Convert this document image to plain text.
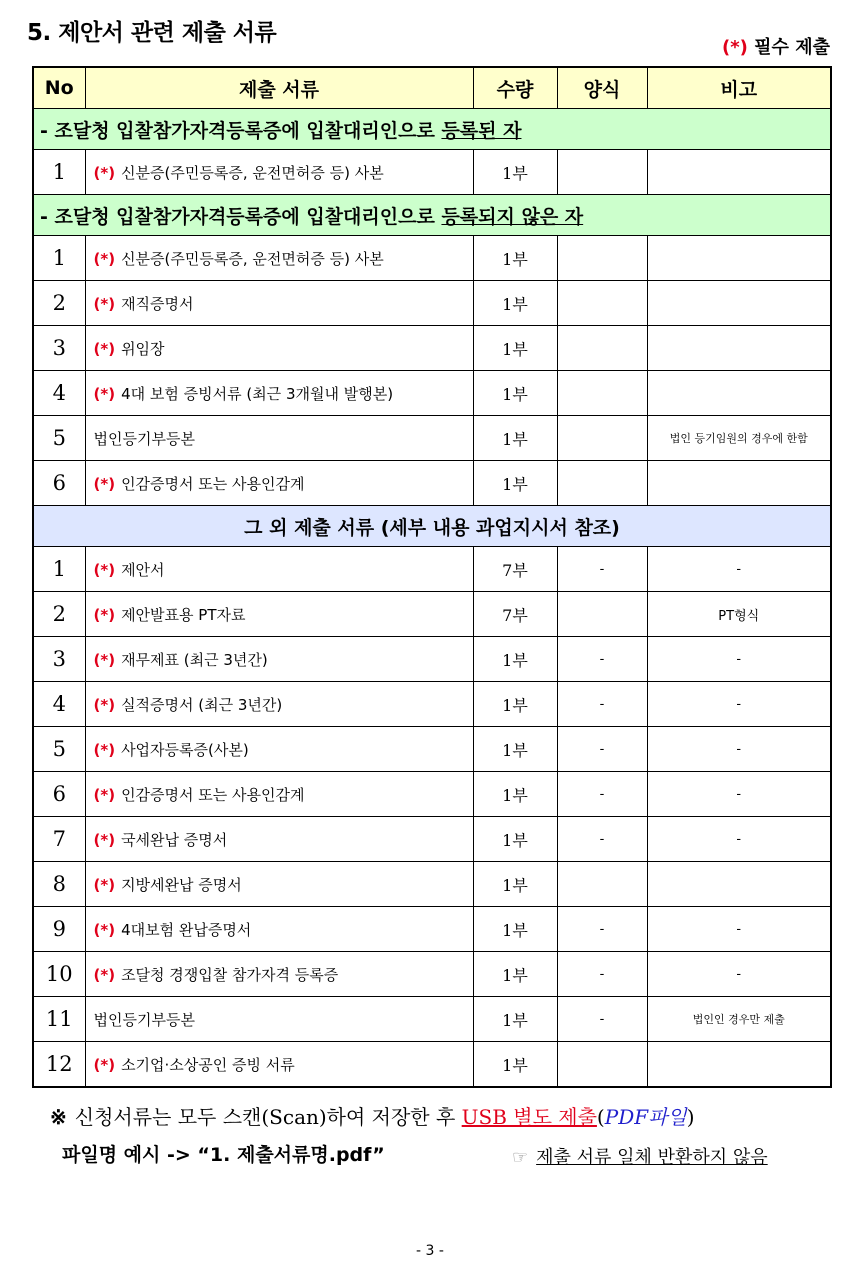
5. 제안서 관련 제출 서류
(*) 필수 제출
No	제출 서류	수량	양식	비고
- 조달청 입찰참가자격등록증에 입찰대리인으로 등록된 자				
1	(*) 신분증(주민등록증, 운전면허증 등) 사본	1부		
- 조달청 입찰참가자격등록증에 입찰대리인으로 등록되지 않은 자				
1	(*) 신분증(주민등록증, 운전면허증 등) 사본	1부		
2	(*) 재직증명서	1부		
3	(*) 위임장	1부		
4	(*) 4대 보험 증빙서류 (최근 3개월내 발행본)	1부		
5	법인등기부등본	1부		법인 등기임원의 경우에 한함
6	(*) 인감증명서 또는 사용인감계	1부		
그 외 제출 서류 (세부 내용 과업지시서 참조)				
1	(*) 제안서	7부	-	-
2	(*) 제안발표용 PT자료	7부		PT형식
3	(*) 재무제표 (최근 3년간)	1부	-	-
4	(*) 실적증명서 (최근 3년간)	1부	-	-
5	(*) 사업자등록증(사본)	1부	-	-
6	(*) 인감증명서 또는 사용인감계	1부	-	-
7	(*) 국세완납 증명서	1부	-	-
8	(*) 지방세완납 증명서	1부		
9	(*) 4대보험 완납증명서	1부	-	-
10	(*) 조달청 경쟁입찰 참가자격 등록증	1부	-	-
11	법인등기부등본	1부	-	법인인 경우만 제출
12	(*) 소기업·소상공인 증빙 서류	1부		
※ 신청서류는 모두 스캔(Scan)하여 저장한 후 USB 별도 제출(PDF파일)
파일명 예시 -> “1. 제출서류명.pdf”	☞ 제출 서류 일체 반환하지 않음
- 3 -
